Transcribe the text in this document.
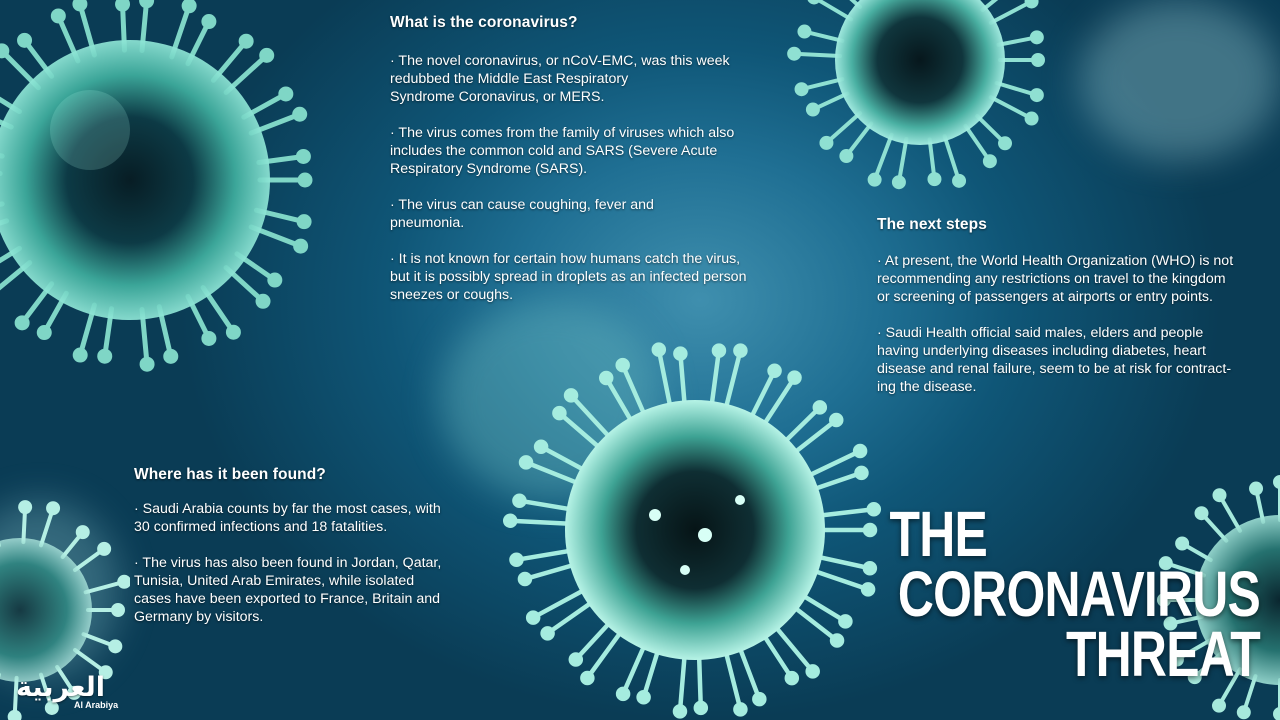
What is the coronavirus?

· The novel coronavirus, or nCoV-EMC, was this week
redubbed the Middle East Respiratory
Syndrome Coronavirus, or MERS.

· The virus comes from the family of viruses which also
includes the common cold and SARS (Severe Acute
Respiratory Syndrome (SARS).

· The virus can cause coughing, fever and
pneumonia.

· It is not known for certain how humans catch the virus,
but it is possibly spread in droplets as an infected person
sneezes or coughs.

The next steps

· At present, the World Health Organization (WHO) is not
recommending any restrictions on travel to the kingdom
or screening of passengers at airports or entry points.

· Saudi Health official said males, elders and people
having underlying diseases including diabetes, heart
disease and renal failure, seem to be at risk for contract-
ing the disease.

Where has it been found?

· Saudi Arabia counts by far the most cases, with
30 confirmed infections and 18 fatalities.

· The virus has also been found in Jordan, Qatar,
Tunisia, United Arab Emirates, while isolated
cases have been exported to France, Britain and
Germany by visitors.

THE
CORONAVIRUS
THREAT
العربية
Al Arabiya
